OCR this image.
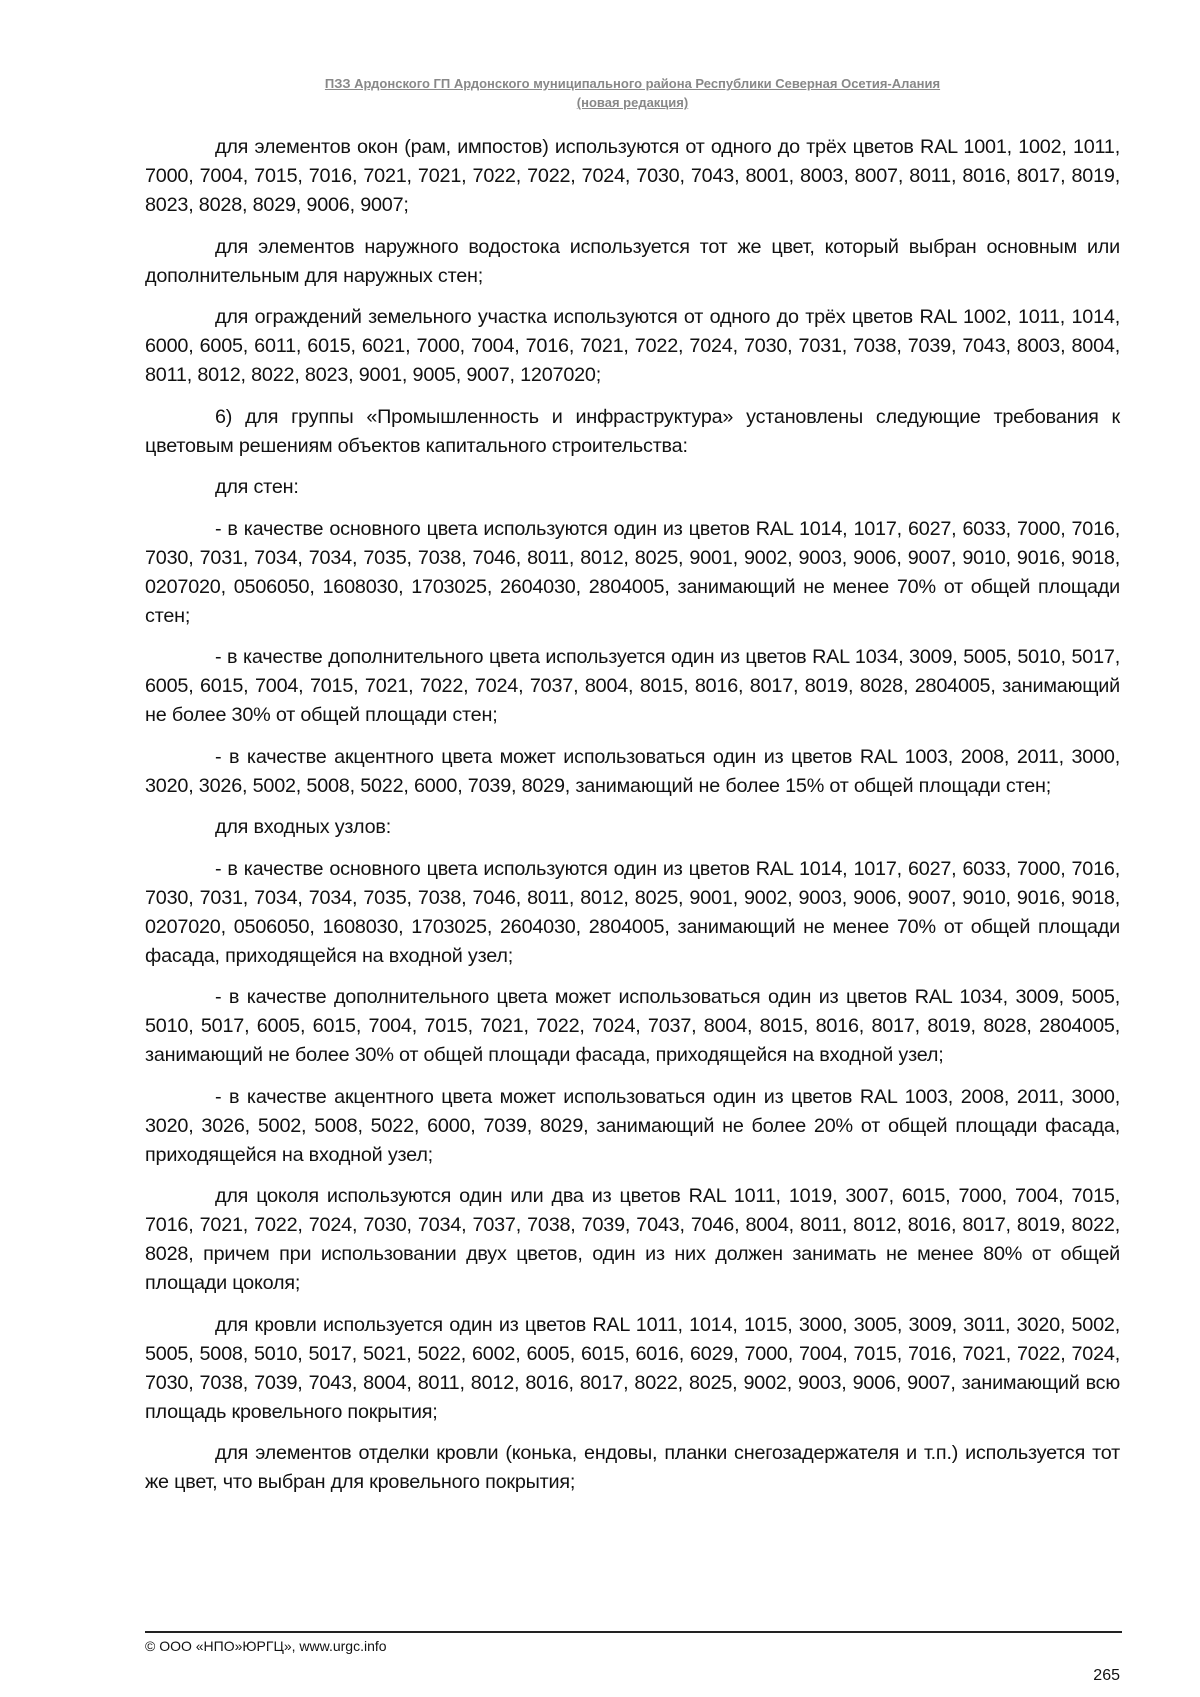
ПЗЗ Ардонского ГП Ардонского муниципального района Республики Северная Осетия-Алания
(новая редакция)

для элементов окон (рам, импостов) используются от одного до трёх цветов RAL 1001, 1002, 1011, 7000, 7004, 7015, 7016, 7021, 7021, 7022, 7022, 7024, 7030, 7043, 8001, 8003, 8007, 8011, 8016, 8017, 8019, 8023, 8028, 8029, 9006, 9007;

для элементов наружного водостока используется тот же цвет, который выбран основным или дополнительным для наружных стен;

для ограждений земельного участка используются от одного до трёх цветов RAL 1002, 1011, 1014, 6000, 6005, 6011, 6015, 6021, 7000, 7004, 7016, 7021, 7022, 7024, 7030, 7031, 7038, 7039, 7043, 8003, 8004, 8011, 8012, 8022, 8023, 9001, 9005, 9007, 1207020;

6) для группы «Промышленность и инфраструктура» установлены следующие требования к цветовым решениям объектов капитального строительства:

для стен:

- в качестве основного цвета используются один из цветов RAL 1014, 1017, 6027, 6033, 7000, 7016, 7030, 7031, 7034, 7034, 7035, 7038, 7046, 8011, 8012, 8025, 9001, 9002, 9003, 9006, 9007, 9010, 9016, 9018, 0207020, 0506050, 1608030, 1703025, 2604030, 2804005, занимающий не менее 70% от общей площади стен;

- в качестве дополнительного цвета используется один из цветов RAL 1034, 3009, 5005, 5010, 5017, 6005, 6015, 7004, 7015, 7021, 7022, 7024, 7037, 8004, 8015, 8016, 8017, 8019, 8028, 2804005, занимающий не более 30% от общей площади стен;

- в качестве акцентного цвета может использоваться один из цветов RAL 1003, 2008, 2011, 3000, 3020, 3026, 5002, 5008, 5022, 6000, 7039, 8029, занимающий не более 15% от общей площади стен;

для входных узлов:

- в качестве основного цвета используются один из цветов RAL 1014, 1017, 6027, 6033, 7000, 7016, 7030, 7031, 7034, 7034, 7035, 7038, 7046, 8011, 8012, 8025, 9001, 9002, 9003, 9006, 9007, 9010, 9016, 9018, 0207020, 0506050, 1608030, 1703025, 2604030, 2804005, занимающий не менее 70% от общей площади фасада, приходящейся на входной узел;

- в качестве дополнительного цвета может использоваться один из цветов RAL 1034, 3009, 5005, 5010, 5017, 6005, 6015, 7004, 7015, 7021, 7022, 7024, 7037, 8004, 8015, 8016, 8017, 8019, 8028, 2804005, занимающий не более 30% от общей площади фасада, приходящейся на входной узел;

- в качестве акцентного цвета может использоваться один из цветов RAL 1003, 2008, 2011, 3000, 3020, 3026, 5002, 5008, 5022, 6000, 7039, 8029, занимающий не более 20% от общей площади фасада, приходящейся на входной узел;

для цоколя используются один или два из цветов RAL 1011, 1019, 3007, 6015, 7000, 7004, 7015, 7016, 7021, 7022, 7024, 7030, 7034, 7037, 7038, 7039, 7043, 7046, 8004, 8011, 8012, 8016, 8017, 8019, 8022, 8028, причем при использовании двух цветов, один из них должен занимать не менее 80% от общей площади цоколя;

для кровли используется один из цветов RAL 1011, 1014, 1015, 3000, 3005, 3009, 3011, 3020, 5002, 5005, 5008, 5010, 5017, 5021, 5022, 6002, 6005, 6015, 6016, 6029, 7000, 7004, 7015, 7016, 7021, 7022, 7024, 7030, 7038, 7039, 7043, 8004, 8011, 8012, 8016, 8017, 8022, 8025, 9002, 9003, 9006, 9007, занимающий всю площадь кровельного покрытия;

для элементов отделки кровли (конька, ендовы, планки снегозадержателя и т.п.) используется тот же цвет, что выбран для кровельного покрытия;

© ООО «НПО»ЮРГЦ», www.urgc.info
265
